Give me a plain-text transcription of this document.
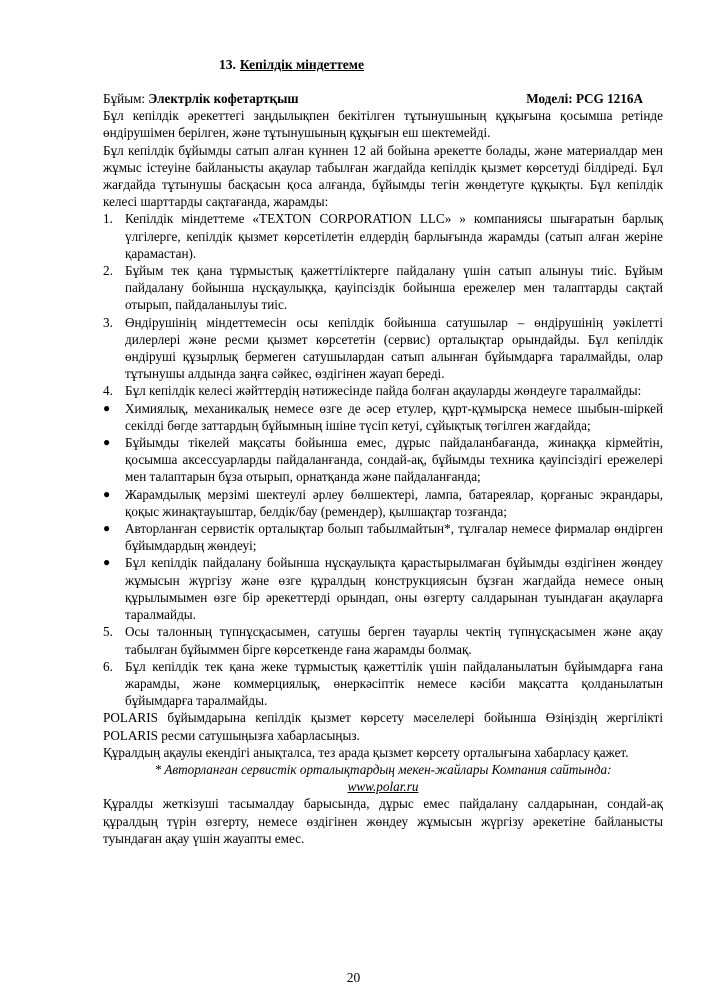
13. Кепілдік міндеттеме
Бұйым: Электрлік кофетартқыш	Моделі: PCG 1216A

Бұл кепілдік әрекеттегі заңдылықпен бекітілген тұтынушының құқығына қосымша ретінде өндірушімен берілген, және тұтынушының құқығын еш шектемейді.

Бұл кепілдік бұйымды сатып алған күннен 12 ай бойына әрекетте болады, және материалдар мен жұмыс істеуіне байланысты ақаулар табылған жағдайда кепілдік қызмет көрсетуді білдіреді. Бұл жағдайда тұтынушы басқасын қоса алғанда, бұйымды тегін жөндетуге құқықты. Бұл кепілдік келесі шарттарды сақтағанда, жарамды:

1. Кепілдік міндеттеме «TEXTON CORPORATION LLC» » компаниясы шығаратын барлық үлгілерге, кепілдік қызмет көрсетілетін елдердің барлығында жарамды (сатып алған жеріне қарамастан).
2. Бұйым тек қана тұрмыстық қажеттіліктерге пайдалану үшін сатып алынуы тиіс. Бұйым пайдалану бойынша нұсқаулыққа, қауіпсіздік бойынша ережелер мен талаптарды сақтай отырып, пайдаланылуы тиіс.
3. Өндірушінің міндеттемесін осы кепілдік бойынша сатушылар – өндірушінің уәкілетті дилерлері және ресми қызмет көрсететін (сервис) орталықтар орындайды. Бұл кепілдік өндіруші құзырлық бермеген сатушылардан сатып алынған бұйымдарға таралмайды, олар тұтынушы алдында заңға сәйкес, өздігінен жауап береді.
4. Бұл кепілдік келесі жәйттердің нәтижесінде пайда болған ақауларды жөндеуге таралмайды:
●	Химиялық, механикалық немесе өзге де әсер етулер, құрт-құмырсқа немесе шыбын-шіркей секілді бөгде заттардың бұйымның ішіне түсіп кетуі, сұйықтық төгілген жағдайда;
●	Бұйымды тікелей мақсаты бойынша емес, дұрыс пайдаланбағанда, жинаққа кірмейтін, қосымша аксессуарларды пайдаланғанда, сондай-ақ, бұйымды техника қауіпсіздігі ережелері мен талаптарын бұза отырып, орнатқанда және пайдаланғанда;
●	Жарамдылық мерзімі шектеулі әрлеу бөлшектері, лампа, батареялар, қорғаныс экрандары, қоқыс жинақтауыштар, белдік/бау (ремендер), қылшақтар тозғанда;
●	Авторланған сервистік орталықтар болып табылмайтын*, тұлғалар немесе фирмалар өндірген бұйымдардың жөндеуі;
●	Бұл кепілдік пайдалану бойынша нұсқаулықта қарастырылмаған бұйымды өздігінен жөндеу жұмысын жүргізу және өзге құралдың конструкциясын бұзған жағдайда немесе оның құрылымымен өзге бір әрекеттерді орындап, оны өзгерту салдарынан туындаған ақауларға таралмайды.
5. Осы талонның түпнұсқасымен, сатушы берген тауарлы чектің түпнұсқасымен және ақау табылған бұйыммен бірге көрсеткенде ғана жарамды болмақ.
6. Бұл кепілдік тек қана жеке тұрмыстық қажеттілік үшін пайдаланылатын бұйымдарға ғана жарамды, және коммерциялық, өнеркәсіптік немесе кәсіби мақсатта қолданылатын бұйымдарға таралмайды.

POLARIS бұйымдарына кепілдік қызмет көрсету мәселелері бойынша Өзіңіздің жергілікті POLARIS ресми сатушыңызға хабарласыңыз.

Құралдың ақаулы екендігі анықталса, тез арада қызмет көрсету орталығына хабарласу қажет.

* Авторланған сервистік орталықтардың мекен-жайлары Компания сайтында:
www.polar.ru

Құралды жеткізуші тасымалдау барысында, дұрыс емес пайдалану салдарынан, сондай-ақ құралдың түрін өзгерту, немесе өздігінен жөндеу жұмысын жүргізу әрекетіне байланысты туындаған ақау үшін жауапты емес.

20
